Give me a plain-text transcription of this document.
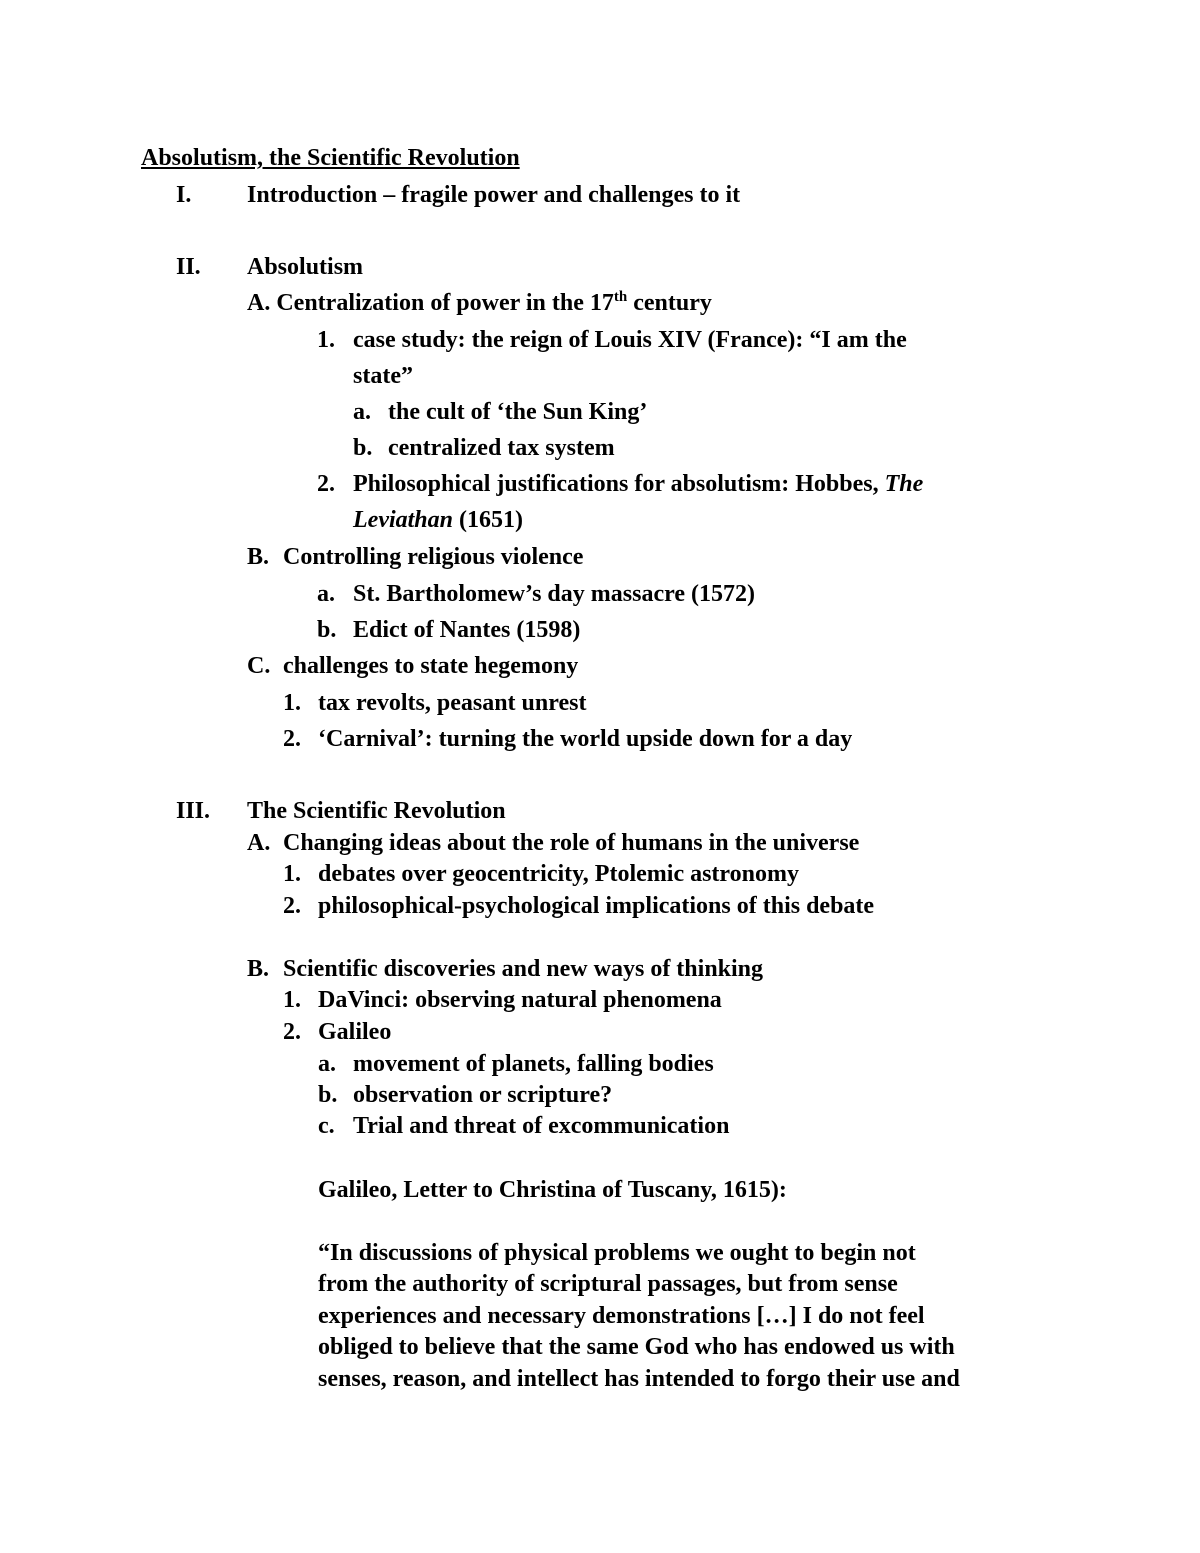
Absolutism, the Scientific Revolution
I. Introduction – fragile power and challenges to it
II. Absolutism
A. Centralization of power in the 17th century
1. case study: the reign of Louis XIV (France): “I am the
state”
a. the cult of ‘the Sun King’
b. centralized tax system
2. Philosophical justifications for absolutism: Hobbes, The
Leviathan (1651)
B. Controlling religious violence
a. St. Bartholomew’s day massacre (1572)
b. Edict of Nantes (1598)
C. challenges to state hegemony
1. tax revolts, peasant unrest
2. ‘Carnival’: turning the world upside down for a day
III. The Scientific Revolution
A. Changing ideas about the role of humans in the universe
1. debates over geocentricity, Ptolemic astronomy
2. philosophical-psychological implications of this debate
B. Scientific discoveries and new ways of thinking
1. DaVinci: observing natural phenomena
2. Galileo
a. movement of planets, falling bodies
b. observation or scripture?
c. Trial and threat of excommunication
Galileo, Letter to Christina of Tuscany, 1615):
“In discussions of physical problems we ought to begin not
from the authority of scriptural passages, but from sense
experiences and necessary demonstrations […] I do not feel
obliged to believe that the same God who has endowed us with
senses, reason, and intellect has intended to forgo their use and
